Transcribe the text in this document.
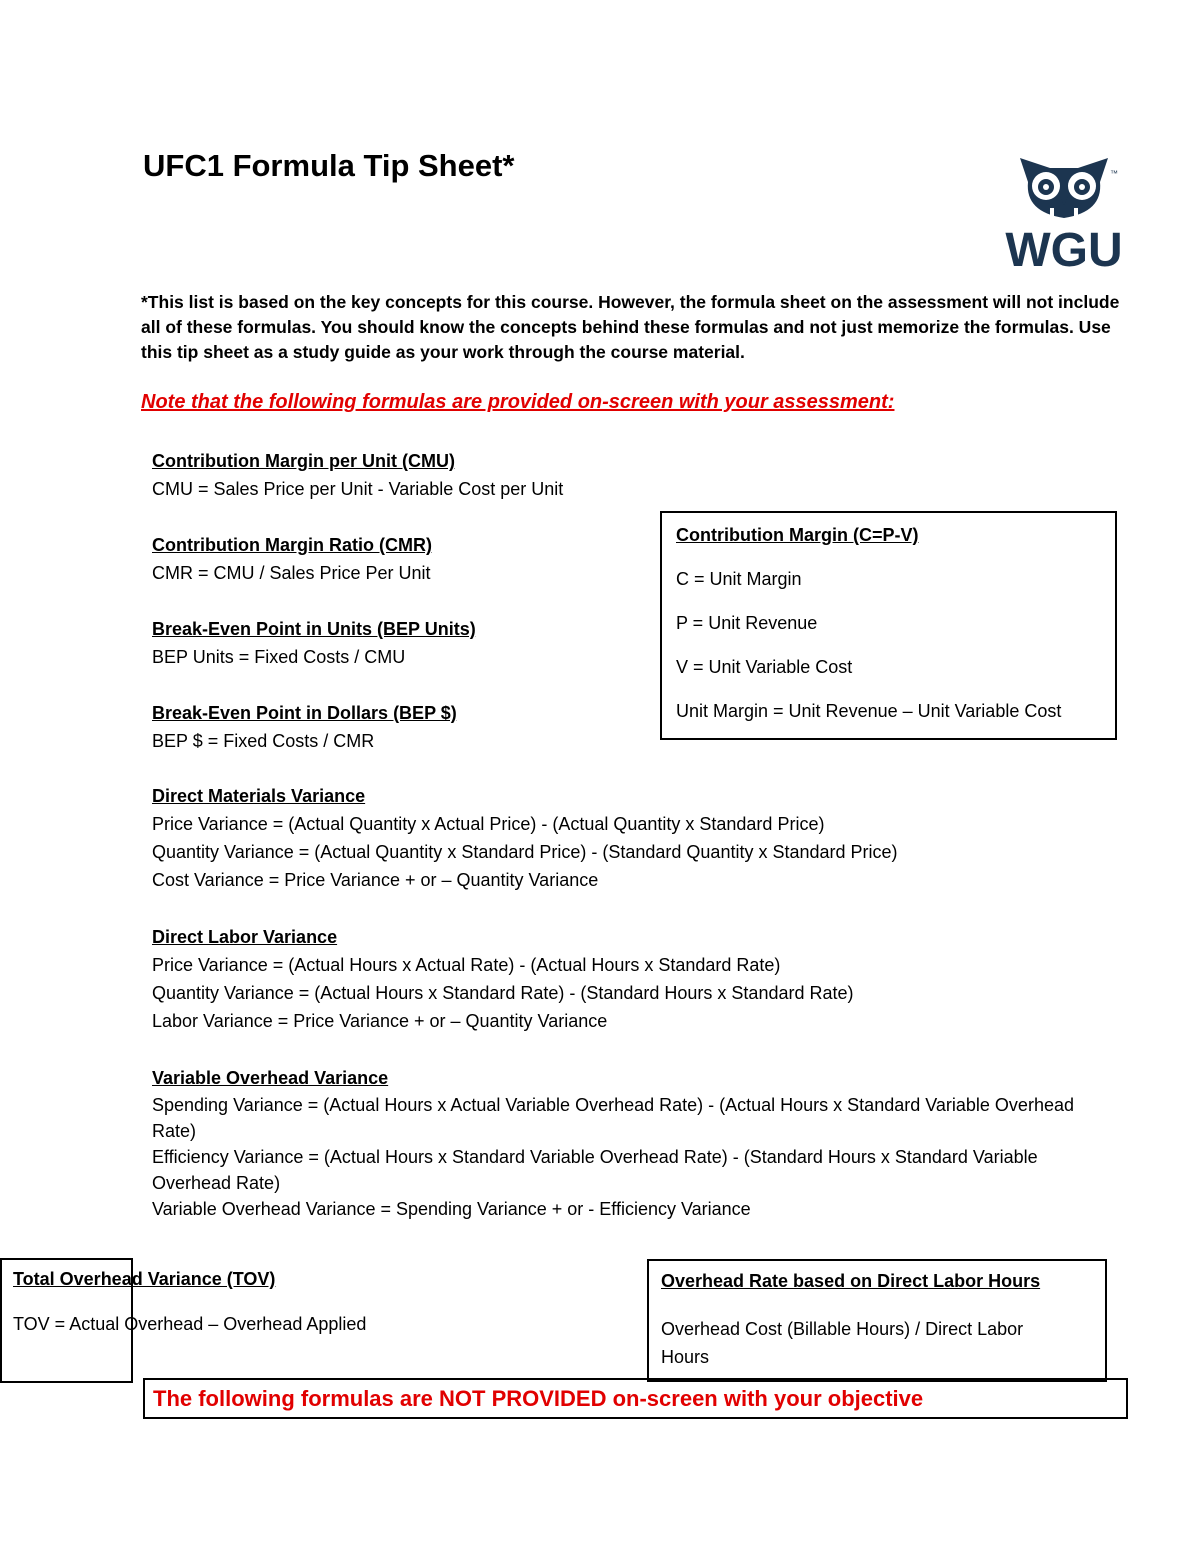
UFC1 Formula Tip Sheet*
WGU
™
*This list is based on the key concepts for this course. However, the formula sheet on the assessment will not include all of these formulas. You should know the concepts behind these formulas and not just memorize the formulas. Use this tip sheet as a study guide as your work through the course material.
Note that the following formulas are provided on-screen with your assessment:
Contribution Margin per Unit (CMU)
CMU = Sales Price per Unit - Variable Cost per Unit
Contribution Margin Ratio (CMR)
CMR = CMU / Sales Price Per Unit
Break-Even Point in Units (BEP Units)
BEP Units = Fixed Costs / CMU
Break-Even Point in Dollars (BEP $)
BEP $ = Fixed Costs / CMR
Direct Materials Variance
Price Variance = (Actual Quantity x Actual Price) - (Actual Quantity x Standard Price)
Quantity Variance = (Actual Quantity x Standard Price) - (Standard Quantity x Standard Price)
Cost Variance = Price Variance + or – Quantity Variance
Direct Labor Variance
Price Variance = (Actual Hours x Actual Rate) - (Actual Hours x Standard Rate)
Quantity Variance = (Actual Hours x Standard Rate) - (Standard Hours x Standard Rate)
Labor Variance = Price Variance + or – Quantity Variance
Variable Overhead Variance
Spending Variance = (Actual Hours x Actual Variable Overhead Rate) - (Actual Hours x Standard Variable Overhead Rate)
Efficiency Variance = (Actual Hours x Standard Variable Overhead Rate) - (Standard Hours x Standard Variable Overhead Rate)
Variable Overhead Variance = Spending Variance + or - Efficiency Variance
Contribution Margin (C=P-V)
C = Unit Margin
P = Unit Revenue
V = Unit Variable Cost
Unit Margin = Unit Revenue – Unit Variable Cost
Total Overhead Variance (TOV)
TOV = Actual Overhead – Overhead Applied
Overhead Rate based on Direct Labor Hours
Overhead Cost (Billable Hours) / Direct Labor Hours
The following formulas are NOT PROVIDED on-screen with your objective
